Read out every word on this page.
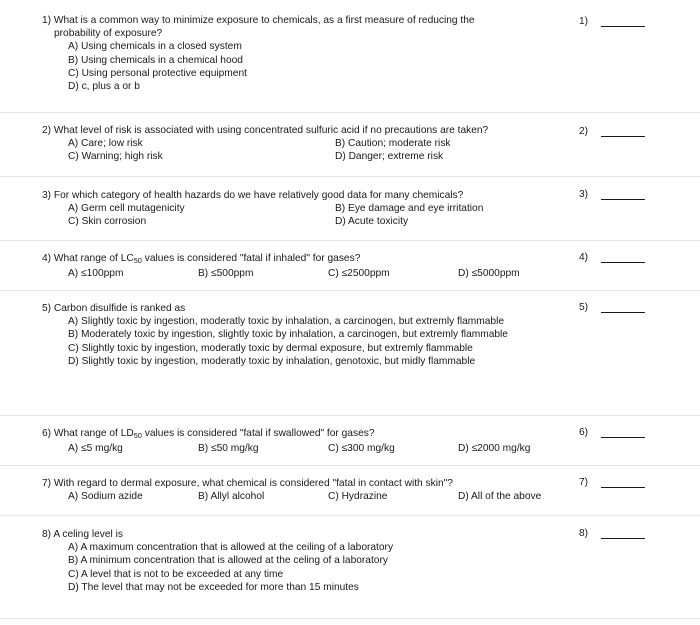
1) What is a common way to minimize exposure to chemicals, as a first measure of reducing the
probability of exposure?
A) Using chemicals in a closed system
B) Using chemicals in a chemical hood
C) Using personal protective equipment
D) c, plus a or b
1)
2) What level of risk is associated with using concentrated sulfuric acid if no precautions are taken?
A) Care; low risk	B) Caution; moderate risk
C) Warning; high risk	D) Danger; extreme risk
2)
3) For which category of health hazards do we have relatively good data for many chemicals?
A) Germ cell mutagenicity	B) Eye damage and eye irritation
C) Skin corrosion	D) Acute toxicity
3)
4) What range of $LC_{50}$ values is considered "fatal if inhaled" for gases?
A) ≤100ppm	B) ≤500ppm	C) ≤2500ppm	D) ≤5000ppm
4)
5) Carbon disulfide is ranked as
A) Slightly toxic by ingestion, moderatly toxic by inhalation, a carcinogen, but extremly flammable
B) Moderately toxic by ingestion, slightly toxic by inhalation, a carcinogen, but extremly flammable
C) Slightly toxic by ingestion, moderatly toxic by dermal exposure, but extremly flammable
D) Slightly toxic by ingestion, moderatly toxic by inhalation, genotoxic, but midly flammable
5)
6) What range of $LD_{50}$ values is considered "fatal if swallowed" for gases?
A) ≤5 mg/kg	B) ≤50 mg/kg	C) ≤300 mg/kg	D) ≤2000 mg/kg
6)
7) With regard to dermal exposure, what chemical is considered "fatal in contact with skin"?
A) Sodium azide	B) Allyl alcohol	C) Hydrazine	D) All of the above
7)
8) A celing level is
A) A maximum concentration that is allowed at the ceiling of a laboratory
B) A minimum concentration that is allowed at the celing of a laboratory
C) A level that is not to be exceeded at any time
D) The level that may not be exceeded for more than 15 minutes
8)
